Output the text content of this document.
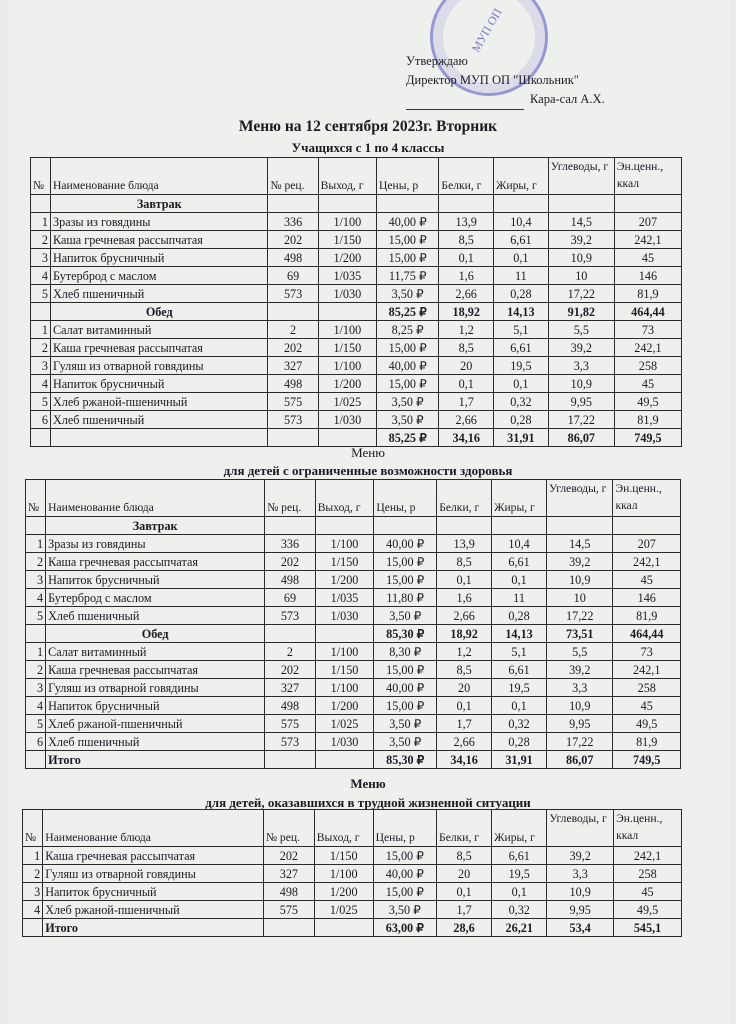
МУП ОП
Утверждаю
Директор МУП ОП "Школьник"
Кара-сал А.Х.
Меню на 12 сентября 2023г. Вторник
Учащихся с 1 по 4 классы
Меню
для детей с ограниченные возможности здоровья
Меню
для детей, оказавшихся в трудной жизненной ситуации
№	Наименование блюда	№ рец.	Выход, г	Цены, р	Белки, г	Жиры, г	Углеводы, г	Эн.ценн., ккал
	Завтрак							
1	Зразы из говядины	336	1/100	40,00 ₽	13,9	10,4	14,5	207
2	Каша гречневая рассыпчатая	202	1/150	15,00 ₽	8,5	6,61	39,2	242,1
3	Напиток брусничный	498	1/200	15,00 ₽	0,1	0,1	10,9	45
4	Бутерброд с маслом	69	1/035	11,75 ₽	1,6	11	10	146
5	Хлеб пшеничный	573	1/030	3,50 ₽	2,66	0,28	17,22	81,9
	Обед			85,25 ₽	18,92	14,13	91,82	464,44
1	Салат витаминный	2	1/100	8,25 ₽	1,2	5,1	5,5	73
2	Каша гречневая рассыпчатая	202	1/150	15,00 ₽	8,5	6,61	39,2	242,1
3	Гуляш из отварной говядины	327	1/100	40,00 ₽	20	19,5	3,3	258
4	Напиток брусничный	498	1/200	15,00 ₽	0,1	0,1	10,9	45
5	Хлеб ржаной-пшеничный	575	1/025	3,50 ₽	1,7	0,32	9,95	49,5
6	Хлеб пшеничный	573	1/030	3,50 ₽	2,66	0,28	17,22	81,9
				85,25 ₽	34,16	31,91	86,07	749,5
№	Наименование блюда	№ рец.	Выход, г	Цены, р	Белки, г	Жиры, г	Углеводы, г	Эн.ценн., ккал
	Завтрак							
1	Зразы из говядины	336	1/100	40,00 ₽	13,9	10,4	14,5	207
2	Каша гречневая рассыпчатая	202	1/150	15,00 ₽	8,5	6,61	39,2	242,1
3	Напиток брусничный	498	1/200	15,00 ₽	0,1	0,1	10,9	45
4	Бутерброд с маслом	69	1/035	11,80 ₽	1,6	11	10	146
5	Хлеб пшеничный	573	1/030	3,50 ₽	2,66	0,28	17,22	81,9
	Обед			85,30 ₽	18,92	14,13	73,51	464,44
1	Салат витаминный	2	1/100	8,30 ₽	1,2	5,1	5,5	73
2	Каша гречневая рассыпчатая	202	1/150	15,00 ₽	8,5	6,61	39,2	242,1
3	Гуляш из отварной говядины	327	1/100	40,00 ₽	20	19,5	3,3	258
4	Напиток брусничный	498	1/200	15,00 ₽	0,1	0,1	10,9	45
5	Хлеб ржаной-пшеничный	575	1/025	3,50 ₽	1,7	0,32	9,95	49,5
6	Хлеб пшеничный	573	1/030	3,50 ₽	2,66	0,28	17,22	81,9
	Итого			85,30 ₽	34,16	31,91	86,07	749,5
№	Наименование блюда	№ рец.	Выход, г	Цены, р	Белки, г	Жиры, г	Углеводы, г	Эн.ценн., ккал
1	Каша гречневая рассыпчатая	202	1/150	15,00 ₽	8,5	6,61	39,2	242,1
2	Гуляш из отварной говядины	327	1/100	40,00 ₽	20	19,5	3,3	258
3	Напиток брусничный	498	1/200	15,00 ₽	0,1	0,1	10,9	45
4	Хлеб ржаной-пшеничный	575	1/025	3,50 ₽	1,7	0,32	9,95	49,5
	Итого			63,00 ₽	28,6	26,21	53,4	545,1
